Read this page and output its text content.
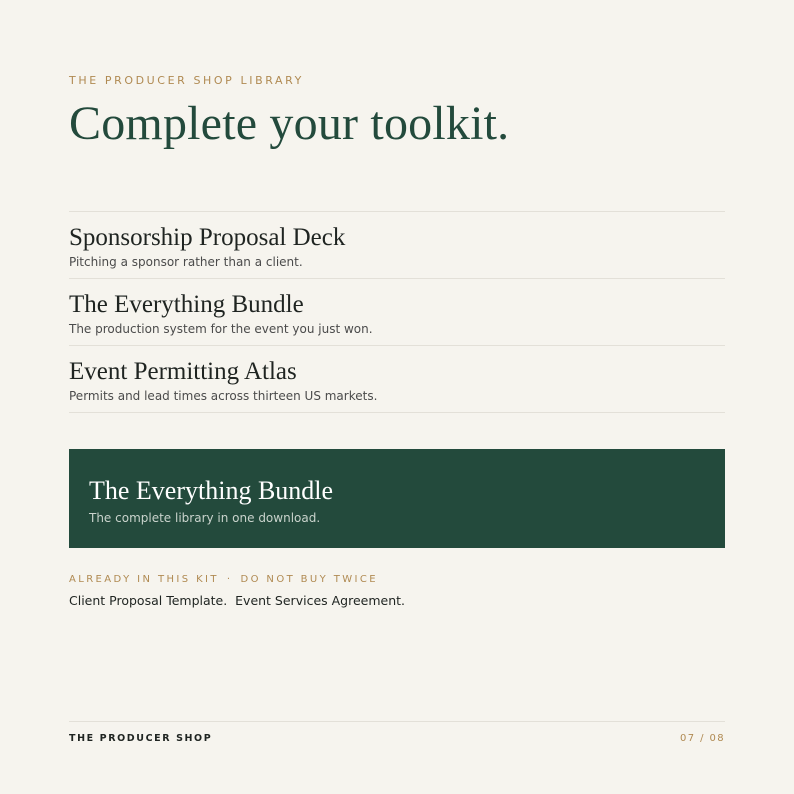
THE PRODUCER SHOP LIBRARY
Complete your toolkit.
Sponsorship Proposal Deck
Pitching a sponsor rather than a client.
The Everything Bundle
The production system for the event you just won.
Event Permitting Atlas
Permits and lead times across thirteen US markets.
The Everything Bundle
The complete library in one download.
ALREADY IN THIS KIT · DO NOT BUY TWICE
Client Proposal Template.  Event Services Agreement.
THE PRODUCER SHOP	07 / 08
